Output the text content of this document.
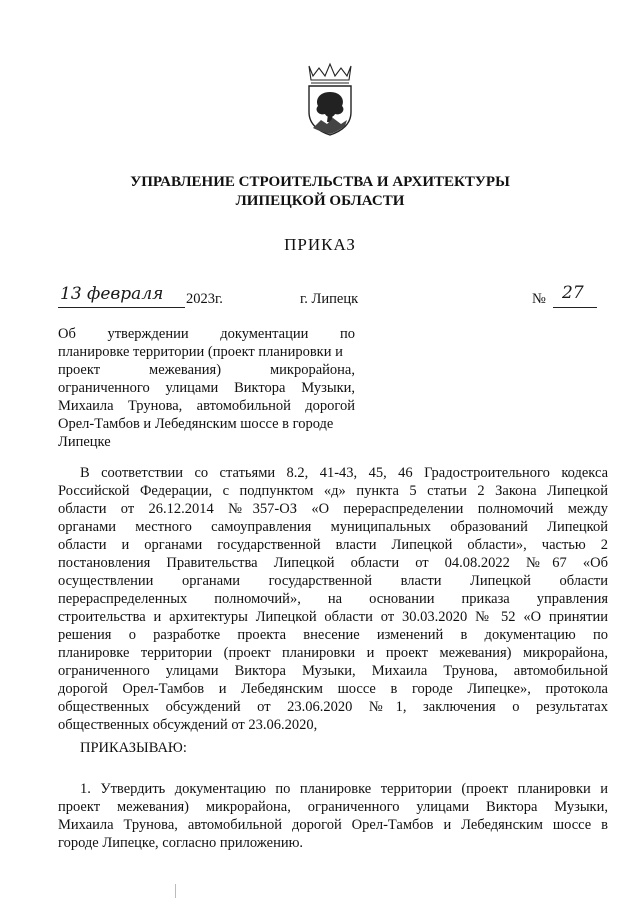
УПРАВЛЕНИЕ СТРОИТЕЛЬСТВА И АРХИТЕКТУРЫ
ЛИПЕЦКОЙ ОБЛАСТИ
ПРИКАЗ
13 февраля 2023г.	г. Липецк	№ 27
Об утверждении документации по
планировке территории (проект планировки и
проект межевания) микрорайона,
ограниченного улицами Виктора Музыки,
Михаила Трунова, автомобильной дорогой
Орел-Тамбов и Лебедянским шоссе в городе
Липецке
В соответствии со статьями 8.2, 41-43, 45, 46 Градостроительного кодекса
Российской Федерации, с подпунктом «д» пункта 5 статьи 2 Закона Липецкой
области от 26.12.2014 №357-ОЗ «О перераспределении полномочий между
органами местного самоуправления муниципальных образований Липецкой
области и органами государственной власти Липецкой области», частью 2
постановления Правительства Липецкой области от 04.08.2022 №67 «Об
осуществлении органами государственной власти Липецкой области
перераспределенных полномочий», на основании приказа управления
строительства и архитектуры Липецкой области от 30.03.2020 № 52 «О принятии
решения о разработке проекта внесение изменений в документацию по
планировке территории (проект планировки и проект межевания) микрорайона,
ограниченного улицами Виктора Музыки, Михаила Трунова, автомобильной
дорогой Орел-Тамбов и Лебедянским шоссе в городе Липецке», протокола
общественных обсуждений от 23.06.2020 №1, заключения о результатах
общественных обсуждений от 23.06.2020,
ПРИКАЗЫВАЮ:
1. Утвердить документацию по планировке территории (проект планировки и
проект межевания) микрорайона, ограниченного улицами Виктора Музыки,
Михаила Трунова, автомобильной дорогой Орел-Тамбов и Лебедянским шоссе в
городе Липецке, согласно приложению.
